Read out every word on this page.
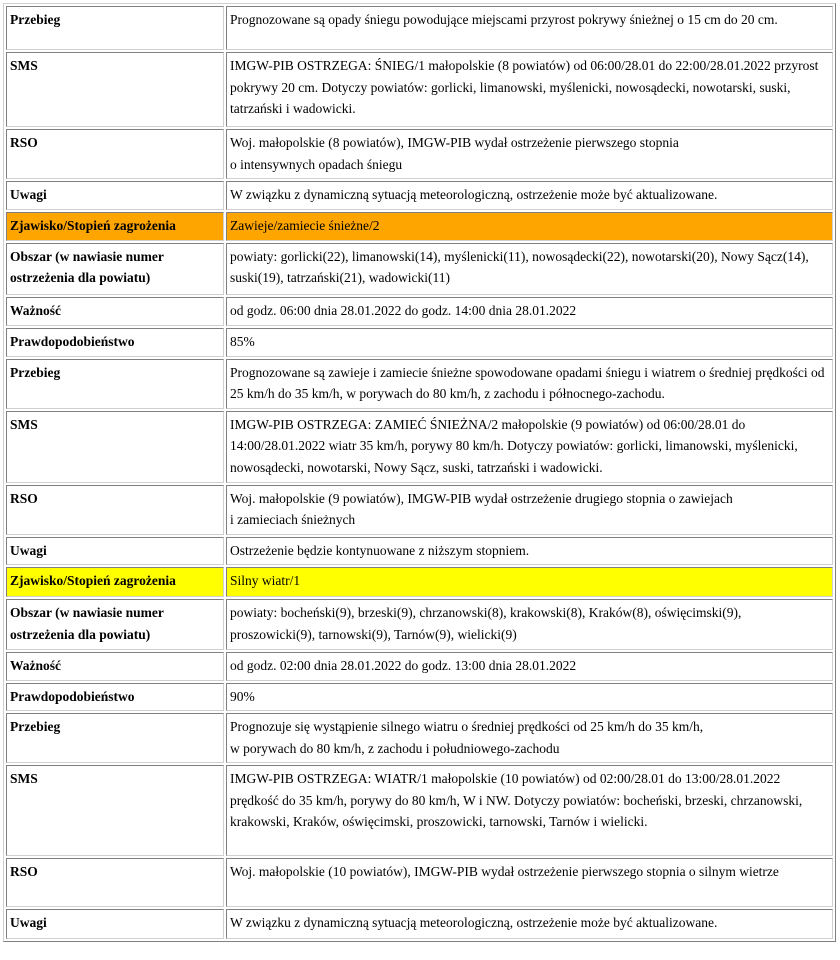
Przebieg	Prognozowane są opady śniegu powodujące miejscami przyrost pokrywy śnieżnej o 15 cm do 20 cm.
SMS	IMGW-PIB OSTRZEGA: ŚNIEG/1 małopolskie (8 powiatów) od 06:00/28.01 do 22:00/28.01.2022 przyrost pokrywy 20 cm. Dotyczy powiatów: gorlicki, limanowski, myślenicki, nowosądecki, nowotarski, suski, tatrzański i wadowicki.
RSO	Woj. małopolskie (8 powiatów), IMGW-PIB wydał ostrzeżenie pierwszego stopnia
o intensywnych opadach śniegu
Uwagi	W związku z dynamiczną sytuacją meteorologiczną, ostrzeżenie może być aktualizowane.
Zjawisko/Stopień zagrożenia	Zawieje/zamiecie śnieżne/2
Obszar (w nawiasie numer ostrzeżenia dla powiatu)	powiaty: gorlicki(22), limanowski(14), myślenicki(11), nowosądecki(22), nowotarski(20), Nowy Sącz(14), suski(19), tatrzański(21), wadowicki(11)
Ważność	od godz. 06:00 dnia 28.01.2022 do godz. 14:00 dnia 28.01.2022
Prawdopodobieństwo	85%
Przebieg	Prognozowane są zawieje i zamiecie śnieżne spowodowane opadami śniegu i wiatrem o średniej prędkości od 25 km/h do 35 km/h, w porywach do 80 km/h, z zachodu i północnego-zachodu.
SMS	IMGW-PIB OSTRZEGA: ZAMIEĆ ŚNIEŻNA/2 małopolskie (9 powiatów) od 06:00/28.01 do 14:00/28.01.2022 wiatr 35 km/h, porywy 80 km/h. Dotyczy powiatów: gorlicki, limanowski, myślenicki, nowosądecki, nowotarski, Nowy Sącz, suski, tatrzański i wadowicki.
RSO	Woj. małopolskie (9 powiatów), IMGW-PIB wydał ostrzeżenie drugiego stopnia o zawiejach
i zamieciach śnieżnych
Uwagi	Ostrzeżenie będzie kontynuowane z niższym stopniem.
Zjawisko/Stopień zagrożenia	Silny wiatr/1
Obszar (w nawiasie numer ostrzeżenia dla powiatu)	powiaty: bocheński(9), brzeski(9), chrzanowski(8), krakowski(8), Kraków(8), oświęcimski(9), proszowicki(9), tarnowski(9), Tarnów(9), wielicki(9)
Ważność	od godz. 02:00 dnia 28.01.2022 do godz. 13:00 dnia 28.01.2022
Prawdopodobieństwo	90%
Przebieg	Prognozuje się wystąpienie silnego wiatru o średniej prędkości od 25 km/h do 35 km/h,
w porywach do 80 km/h, z zachodu i południowego-zachodu
SMS	IMGW-PIB OSTRZEGA: WIATR/1 małopolskie (10 powiatów) od 02:00/28.01 do 13:00/28.01.2022 prędkość do 35 km/h, porywy do 80 km/h, W i NW. Dotyczy powiatów: bocheński, brzeski, chrzanowski, krakowski, Kraków, oświęcimski, proszowicki, tarnowski, Tarnów i wielicki.
RSO	Woj. małopolskie (10 powiatów), IMGW-PIB wydał ostrzeżenie pierwszego stopnia o silnym wietrze
Uwagi	W związku z dynamiczną sytuacją meteorologiczną, ostrzeżenie może być aktualizowane.
